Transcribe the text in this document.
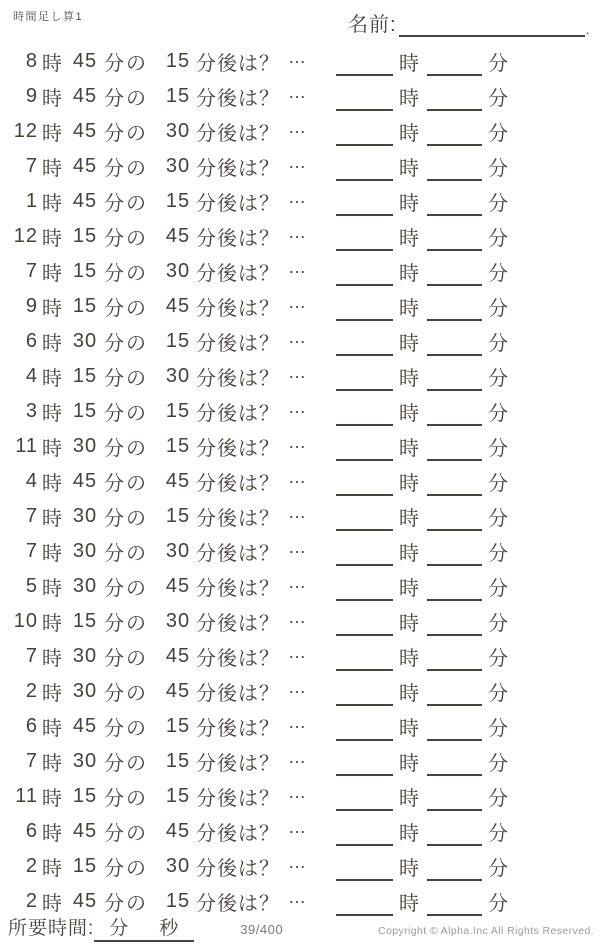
時間足し算1	名前:	.
8 時 45 分の 15 分後は？ …	時	分
9 時 45 分の 15 分後は？ …	時	分
12 時 45 分の 30 分後は？ …	時	分
7 時 45 分の 30 分後は？ …	時	分
1 時 45 分の 15 分後は？ …	時	分
12 時 15 分の 45 分後は？ …	時	分
7 時 15 分の 30 分後は？ …	時	分
9 時 15 分の 45 分後は？ …	時	分
6 時 30 分の 15 分後は？ …	時	分
4 時 15 分の 30 分後は？ …	時	分
3 時 15 分の 15 分後は？ …	時	分
11 時 30 分の 15 分後は？ …	時	分
4 時 45 分の 45 分後は？ …	時	分
7 時 30 分の 15 分後は？ …	時	分
7 時 30 分の 30 分後は？ …	時	分
5 時 30 分の 45 分後は？ …	時	分
10 時 15 分の 30 分後は？ …	時	分
7 時 30 分の 45 分後は？ …	時	分
2 時 30 分の 45 分後は？ …	時	分
6 時 45 分の 15 分後は？ …	時	分
7 時 30 分の 15 分後は？ …	時	分
11 時 15 分の 15 分後は？ …	時	分
6 時 45 分の 45 分後は？ …	時	分
2 時 15 分の 30 分後は？ …	時	分
2 時 45 分の 15 分後は？ …	時	分
所要時間: 分 秒	39/400	Copyright © Alpha.Inc All Rights Reserved.
